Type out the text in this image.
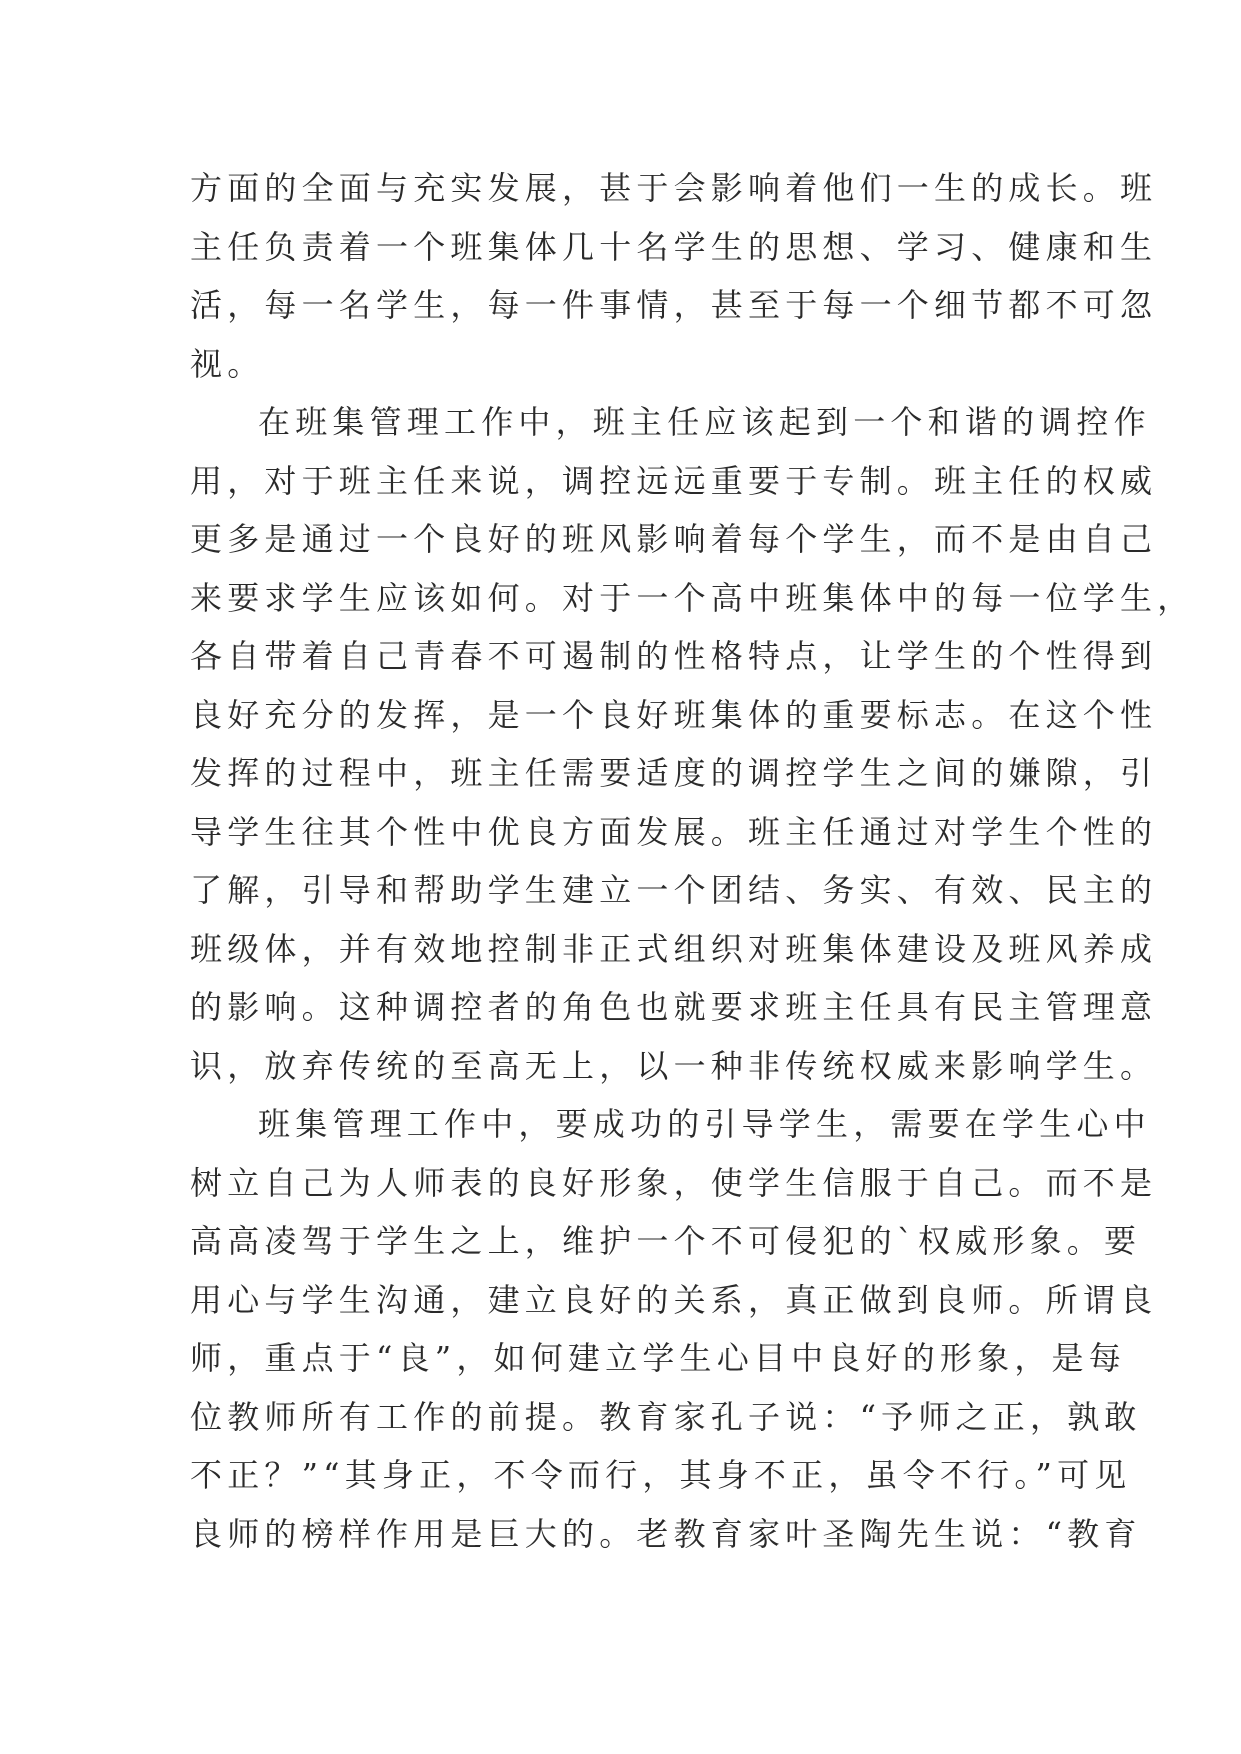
方面的全面与充实发展，甚于会影响着他们一生的成长。班
主任负责着一个班集体几十名学生的思想、学习、健康和生
活，每一名学生，每一件事情，甚至于每一个细节都不可忽
视。
在班集管理工作中，班主任应该起到一个和谐的调控作
用，对于班主任来说，调控远远重要于专制。班主任的权威
更多是通过一个良好的班风影响着每个学生，而不是由自己
来要求学生应该如何。对于一个高中班集体中的每一位学生，
各自带着自己青春不可遏制的性格特点，让学生的个性得到
良好充分的发挥，是一个良好班集体的重要标志。在这个性
发挥的过程中，班主任需要适度的调控学生之间的嫌隙，引
导学生往其个性中优良方面发展。班主任通过对学生个性的
了解，引导和帮助学生建立一个团结、务实、有效、民主的
班级体，并有效地控制非正式组织对班集体建设及班风养成
的影响。这种调控者的角色也就要求班主任具有民主管理意
识，放弃传统的至高无上，以一种非传统权威来影响学生。
班集管理工作中，要成功的引导学生，需要在学生心中
树立自己为人师表的良好形象，使学生信服于自己。而不是
高高凌驾于学生之上，维护一个不可侵犯的`权威形象。要
用心与学生沟通，建立良好的关系，真正做到良师。所谓良
师，重点于“良”，如何建立学生心目中良好的形象，是每
位教师所有工作的前提。教育家孔子说：“予师之正，孰敢
不正？”“其身正，不令而行，其身不正，虽令不行。”可见
良师的榜样作用是巨大的。老教育家叶圣陶先生说：“教育
